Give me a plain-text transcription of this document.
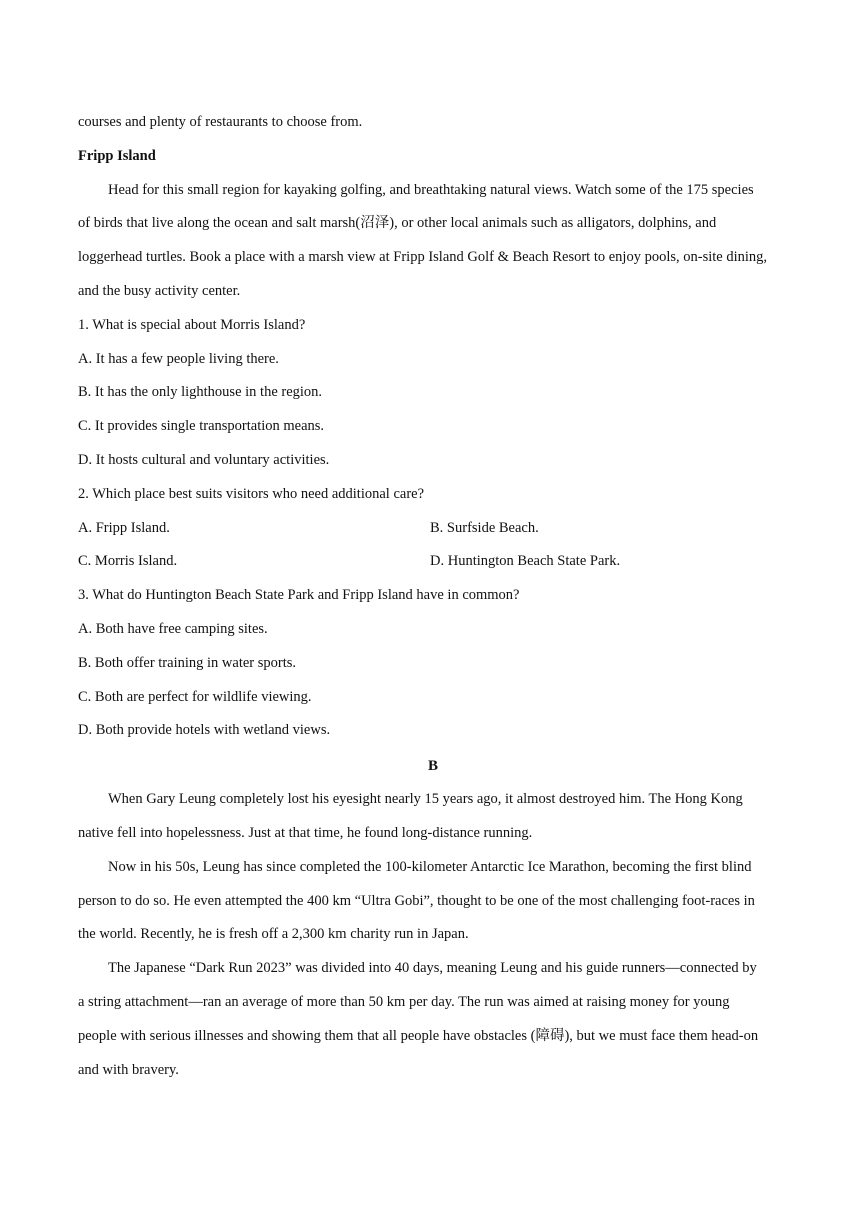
courses and plenty of restaurants to choose from.
Fripp Island
Head for this small region for kayaking golfing, and breathtaking natural views. Watch some of the 175 species
of birds that live along the ocean and salt marsh(沼泽), or other local animals such as alligators, dolphins, and
loggerhead turtles. Book a place with a marsh view at Fripp Island Golf & Beach Resort to enjoy pools, on-site dining,
and the busy activity center.
1. What is special about Morris Island?
A. It has a few people living there.
B. It has the only lighthouse in the region.
C. It provides single transportation means.
D. It hosts cultural and voluntary activities.
2. Which place best suits visitors who need additional care?
A. Fripp Island.	B. Surfside Beach.
C. Morris Island.	D. Huntington Beach State Park.
3. What do Huntington Beach State Park and Fripp Island have in common?
A. Both have free camping sites.
B. Both offer training in water sports.
C. Both are perfect for wildlife viewing.
D. Both provide hotels with wetland views.
B
When Gary Leung completely lost his eyesight nearly 15 years ago, it almost destroyed him. The Hong Kong
native fell into hopelessness. Just at that time, he found long-distance running.
Now in his 50s, Leung has since completed the 100-kilometer Antarctic Ice Marathon, becoming the first blind
person to do so. He even attempted the 400 km “Ultra Gobi”, thought to be one of the most challenging foot-races in
the world. Recently, he is fresh off a 2,300 km charity run in Japan.
The Japanese “Dark Run 2023” was divided into 40 days, meaning Leung and his guide runners—connected by
a string attachment—ran an average of more than 50 km per day. The run was aimed at raising money for young
people with serious illnesses and showing them that all people have obstacles (障碍), but we must face them head-on
and with bravery.
